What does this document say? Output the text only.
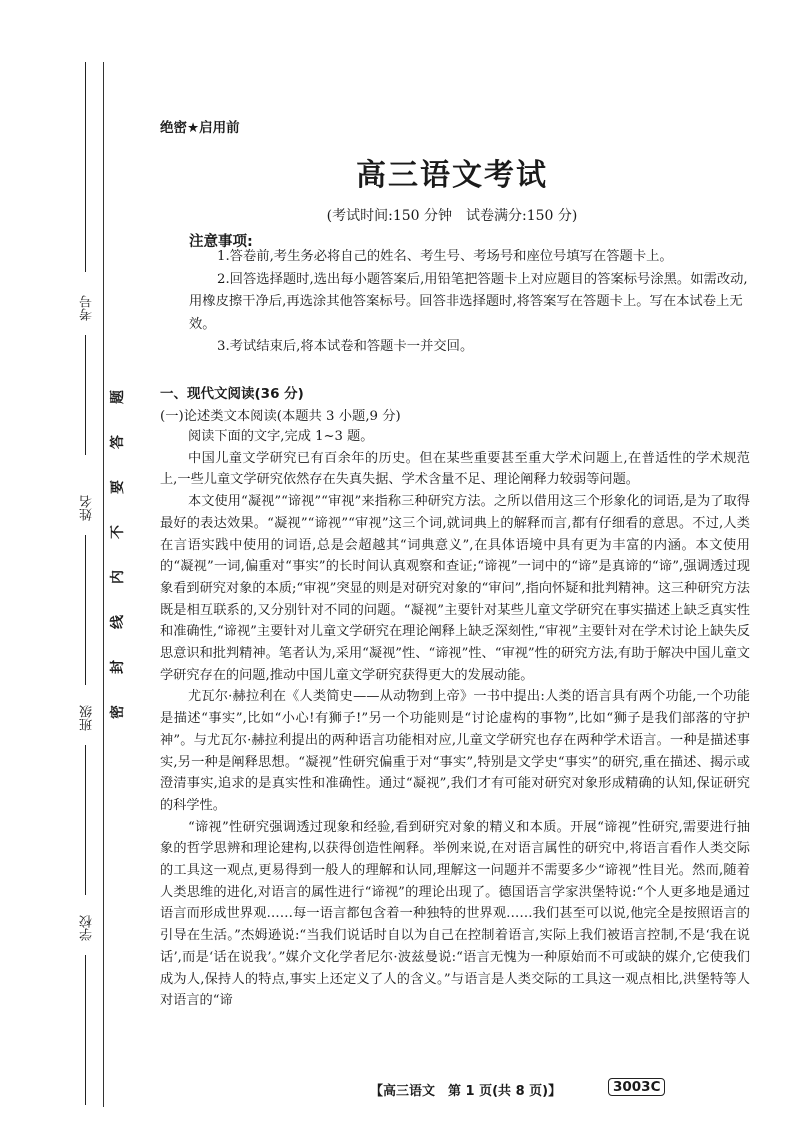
考号
姓名
班级
学校
题
答
要
不
内
线
封
密
绝密★启用前
高三语文考试
(考试时间:150 分钟　试卷满分:150 分)
注意事项:

1.答卷前,考生务必将自己的姓名、考生号、考场号和座位号填写在答题卡上。

2.回答选择题时,选出每小题答案后,用铅笔把答题卡上对应题目的答案标号涂黑。如需改动,用橡皮擦干净后,再选涂其他答案标号。回答非选择题时,将答案写在答题卡上。写在本试卷上无效。

3.考试结束后,将本试卷和答题卡一并交回。

一、现代文阅读(36 分)
(一)论述类文本阅读(本题共 3 小题,9 分)

阅读下面的文字,完成 1~3 题。

中国儿童文学研究已有百余年的历史。但在某些重要甚至重大学术问题上,在普适性的学术规范上,一些儿童文学研究依然存在失真失据、学术含量不足、理论阐释力较弱等问题。

本文使用“凝视”“谛视”“审视”来指称三种研究方法。之所以借用这三个形象化的词语,是为了取得最好的表达效果。“凝视”“谛视”“审视”这三个词,就词典上的解释而言,都有仔细看的意思。不过,人类在言语实践中使用的词语,总是会超越其“词典意义”,在具体语境中具有更为丰富的内涵。本文使用的“凝视”一词,偏重对“事实”的长时间认真观察和查证;“谛视”一词中的“谛”是真谛的“谛”,强调透过现象看到研究对象的本质;“审视”突显的则是对研究对象的“审问”,指向怀疑和批判精神。这三种研究方法既是相互联系的,又分别针对不同的问题。“凝视”主要针对某些儿童文学研究在事实描述上缺乏真实性和准确性,“谛视”主要针对儿童文学研究在理论阐释上缺乏深刻性,“审视”主要针对在学术讨论上缺失反思意识和批判精神。笔者认为,采用“凝视”性、“谛视”性、“审视”性的研究方法,有助于解决中国儿童文学研究存在的问题,推动中国儿童文学研究获得更大的发展动能。

尤瓦尔·赫拉利在《人类简史——从动物到上帝》一书中提出:人类的语言具有两个功能,一个功能是描述“事实”,比如“小心!有狮子!”另一个功能则是“讨论虚构的事物”,比如“狮子是我们部落的守护神”。与尤瓦尔·赫拉利提出的两种语言功能相对应,儿童文学研究也存在两种学术语言。一种是描述事实,另一种是阐释思想。“凝视”性研究偏重于对“事实”,特别是文学史“事实”的研究,重在描述、揭示或澄清事实,追求的是真实性和准确性。通过“凝视”,我们才有可能对研究对象形成精确的认知,保证研究的科学性。

“谛视”性研究强调透过现象和经验,看到研究对象的精义和本质。开展“谛视”性研究,需要进行抽象的哲学思辨和理论建构,以获得创造性阐释。举例来说,在对语言属性的研究中,将语言看作人类交际的工具这一观点,更易得到一般人的理解和认同,理解这一问题并不需要多少“谛视”性目光。然而,随着人类思维的进化,对语言的属性进行“谛视”的理论出现了。德国语言学家洪堡特说:“个人更多地是通过语言而形成世界观……每一语言都包含着一种独特的世界观……我们甚至可以说,他完全是按照语言的引导在生活。”杰姆逊说:“当我们说话时自以为自己在控制着语言,实际上我们被语言控制,不是‘我在说话’,而是‘话在说我’。”媒介文化学者尼尔·波兹曼说:“语言无愧为一种原始而不可或缺的媒介,它使我们成为人,保持人的特点,事实上还定义了人的含义。”与语言是人类交际的工具这一观点相比,洪堡特等人对语言的“谛

【高三语文　第 1 页(共 8 页)】	3003C
